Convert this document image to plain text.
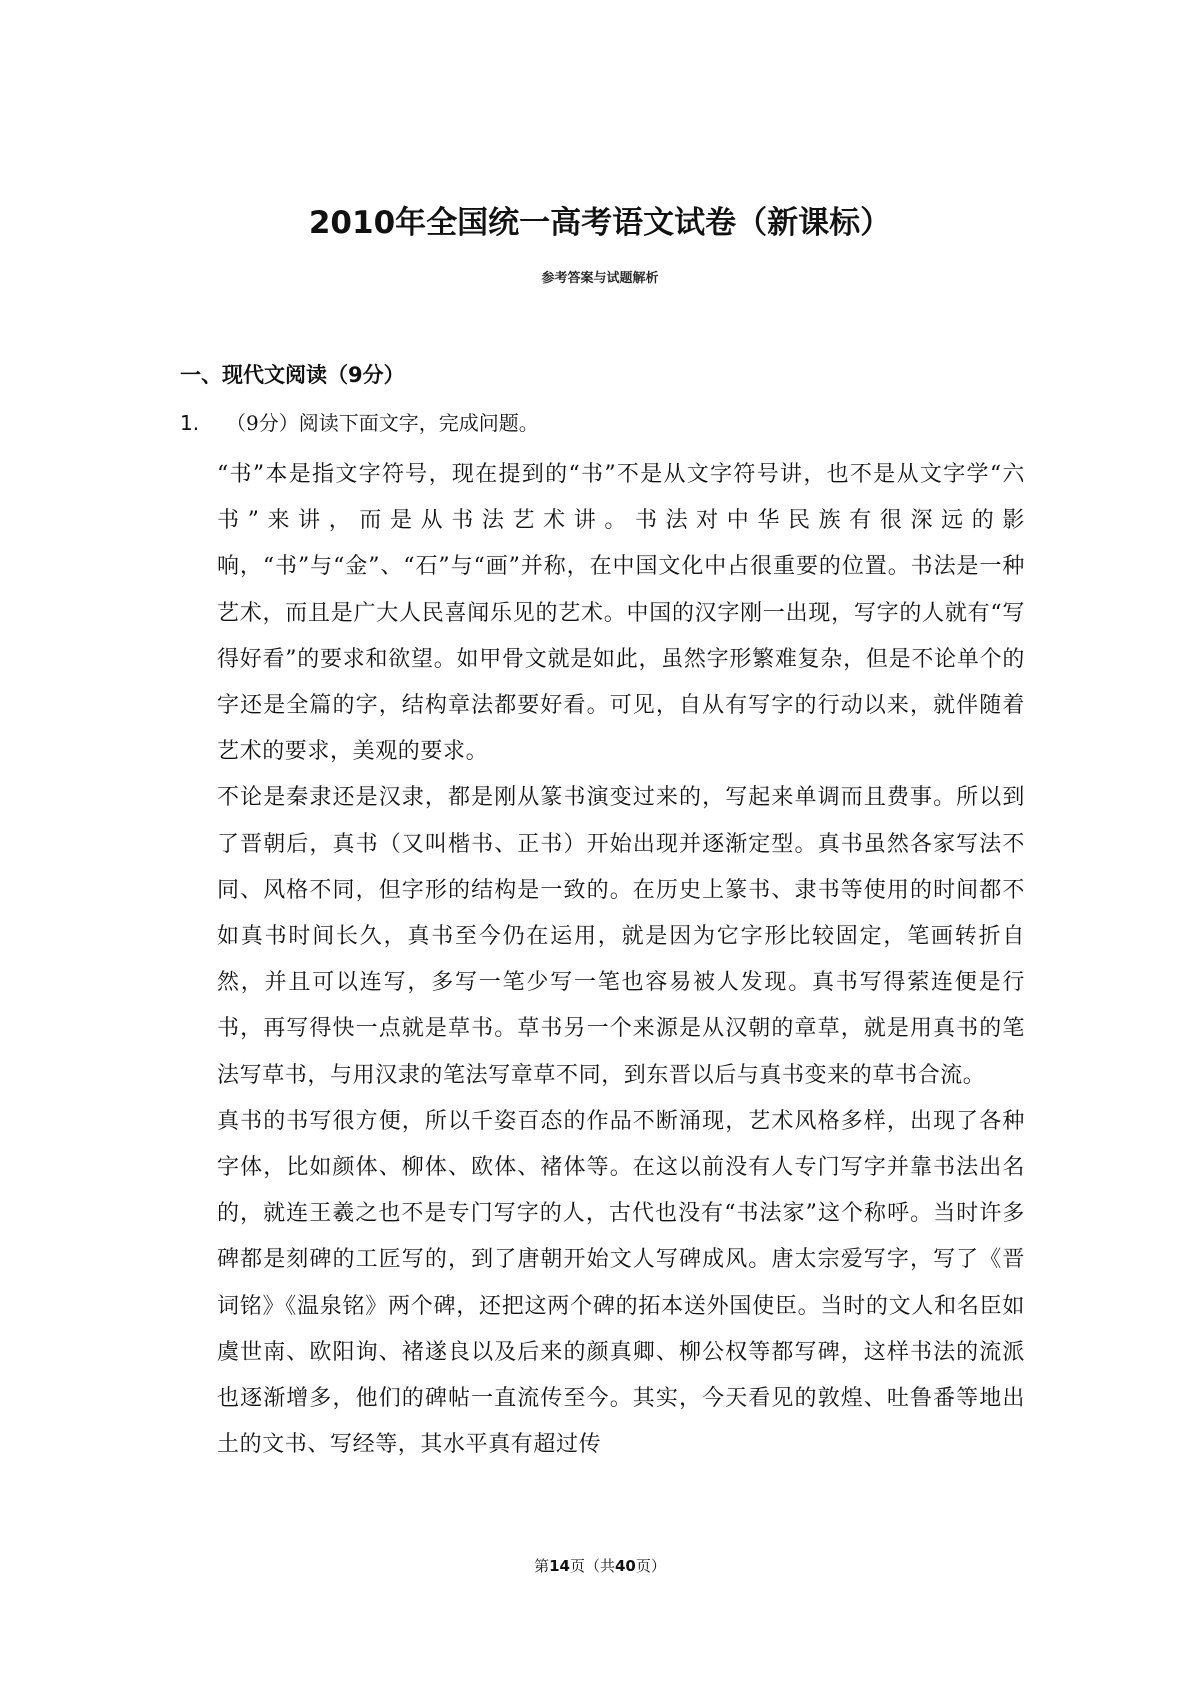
2010年全国统一高考语文试卷（新课标）
参考答案与试题解析
一、现代文阅读（9分）
1. （9分）阅读下面文字，完成问题。

“书”本是指文字符号，现在提到的“书”不是从文字符号讲，也不是从文字学“六书”来讲，而是从书法艺术讲。书法对中华民族有很深远的影响，“书”与“金”、“石”与“画”并称，在中国文化中占很重要的位置。书法是一种艺术，而且是广大人民喜闻乐见的艺术。中国的汉字刚一出现，写字的人就有“写得好看”的要求和欲望。如甲骨文就是如此，虽然字形繁难复杂，但是不论单个的字还是全篇的字，结构章法都要好看。可见，自从有写字的行动以来，就伴随着艺术的要求，美观的要求。

不论是秦隶还是汉隶，都是刚从篆书演变过来的，写起来单调而且费事。所以到了晋朝后，真书（又叫楷书、正书）开始出现并逐渐定型。真书虽然各家写法不同、风格不同，但字形的结构是一致的。在历史上篆书、隶书等使用的时间都不如真书时间长久，真书至今仍在运用，就是因为它字形比较固定，笔画转折自然，并且可以连写，多写一笔少写一笔也容易被人发现。真书写得萦连便是行书，再写得快一点就是草书。草书另一个来源是从汉朝的章草，就是用真书的笔法写草书，与用汉隶的笔法写章草不同，到东晋以后与真书变来的草书合流。

真书的书写很方便，所以千姿百态的作品不断涌现，艺术风格多样，出现了各种字体，比如颜体、柳体、欧体、褚体等。在这以前没有人专门写字并靠书法出名的，就连王羲之也不是专门写字的人，古代也没有“书法家”这个称呼。当时许多碑都是刻碑的工匠写的，到了唐朝开始文人写碑成风。唐太宗爱写字，写了《晋词铭》《温泉铭》两个碑，还把这两个碑的拓本送外国使臣。当时的文人和名臣如虞世南、欧阳询、褚遂良以及后来的颜真卿、柳公权等都写碑，这样书法的流派也逐渐增多，他们的碑帖一直流传至今。其实，今天看见的敦煌、吐鲁番等地出土的文书、写经等，其水平真有超过传

第14页（共40页）
